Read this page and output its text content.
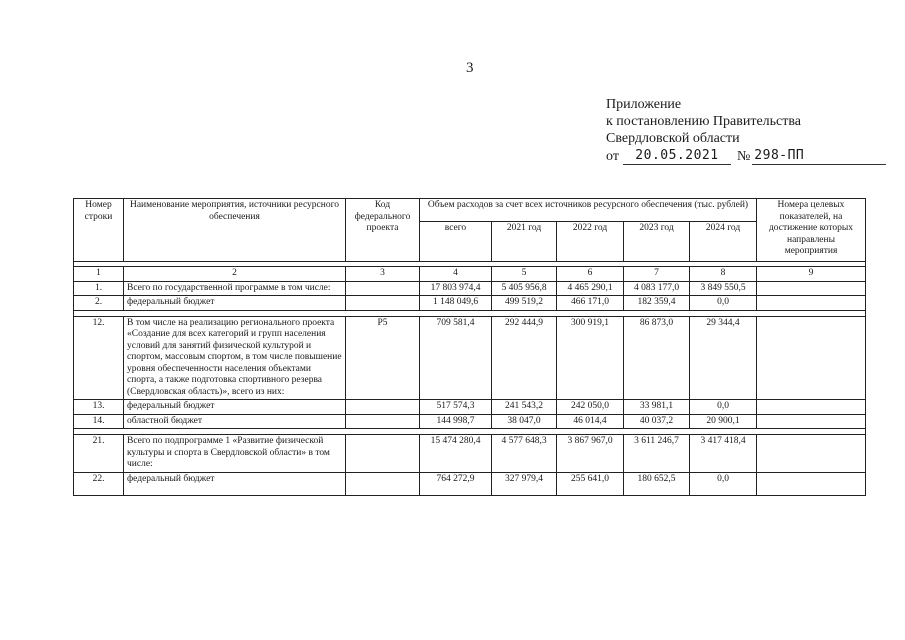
3
Приложение
к постановлению Правительства
Свердловской области
от	20.05.2021	№ 298-ПП
Номер строки	Наименование мероприятия, источники ресурсного обеспечения	Код федерального проекта	Объем расходов за счет всех источников ресурсного обеспечения (тыс. рублей)					Номера целевых показателей, на достижение которых направлены мероприятия
			всего	2021 год	2022 год	2023 год	2024 год	

1	2	3	4	5	6	7	8	9
1.	Всего по государственной программе в том числе:		17 803 974,4	5 405 956,8	4 465 290,1	4 083 177,0	3 849 550,5	
2.	федеральный бюджет		1 148 049,6	499 519,2	466 171,0	182 359,4	0,0	

12.	В том числе на реализацию регионального проекта «Создание для всех категорий и групп населения условий для занятий физической культурой и спортом, массовым спортом, в том числе повышение уровня обеспеченности населения объектами спорта, а также подготовка спортивного резерва (Свердловская область)», всего из них:	Р5	709 581,4	292 444,9	300 919,1	86 873,0	29 344,4	
13.	федеральный бюджет		517 574,3	241 543,2	242 050,0	33 981,1	0,0	
14.	областной бюджет		144 998,7	38 047,0	46 014,4	40 037,2	20 900,1	

21.	Всего по подпрограмме 1 «Развитие физической культуры и спорта в Свердловской области» в том числе:		15 474 280,4	4 577 648,3	3 867 967,0	3 611 246,7	3 417 418,4	
22.	федеральный бюджет		764 272,9	327 979,4	255 641,0	180 652,5	0,0	
